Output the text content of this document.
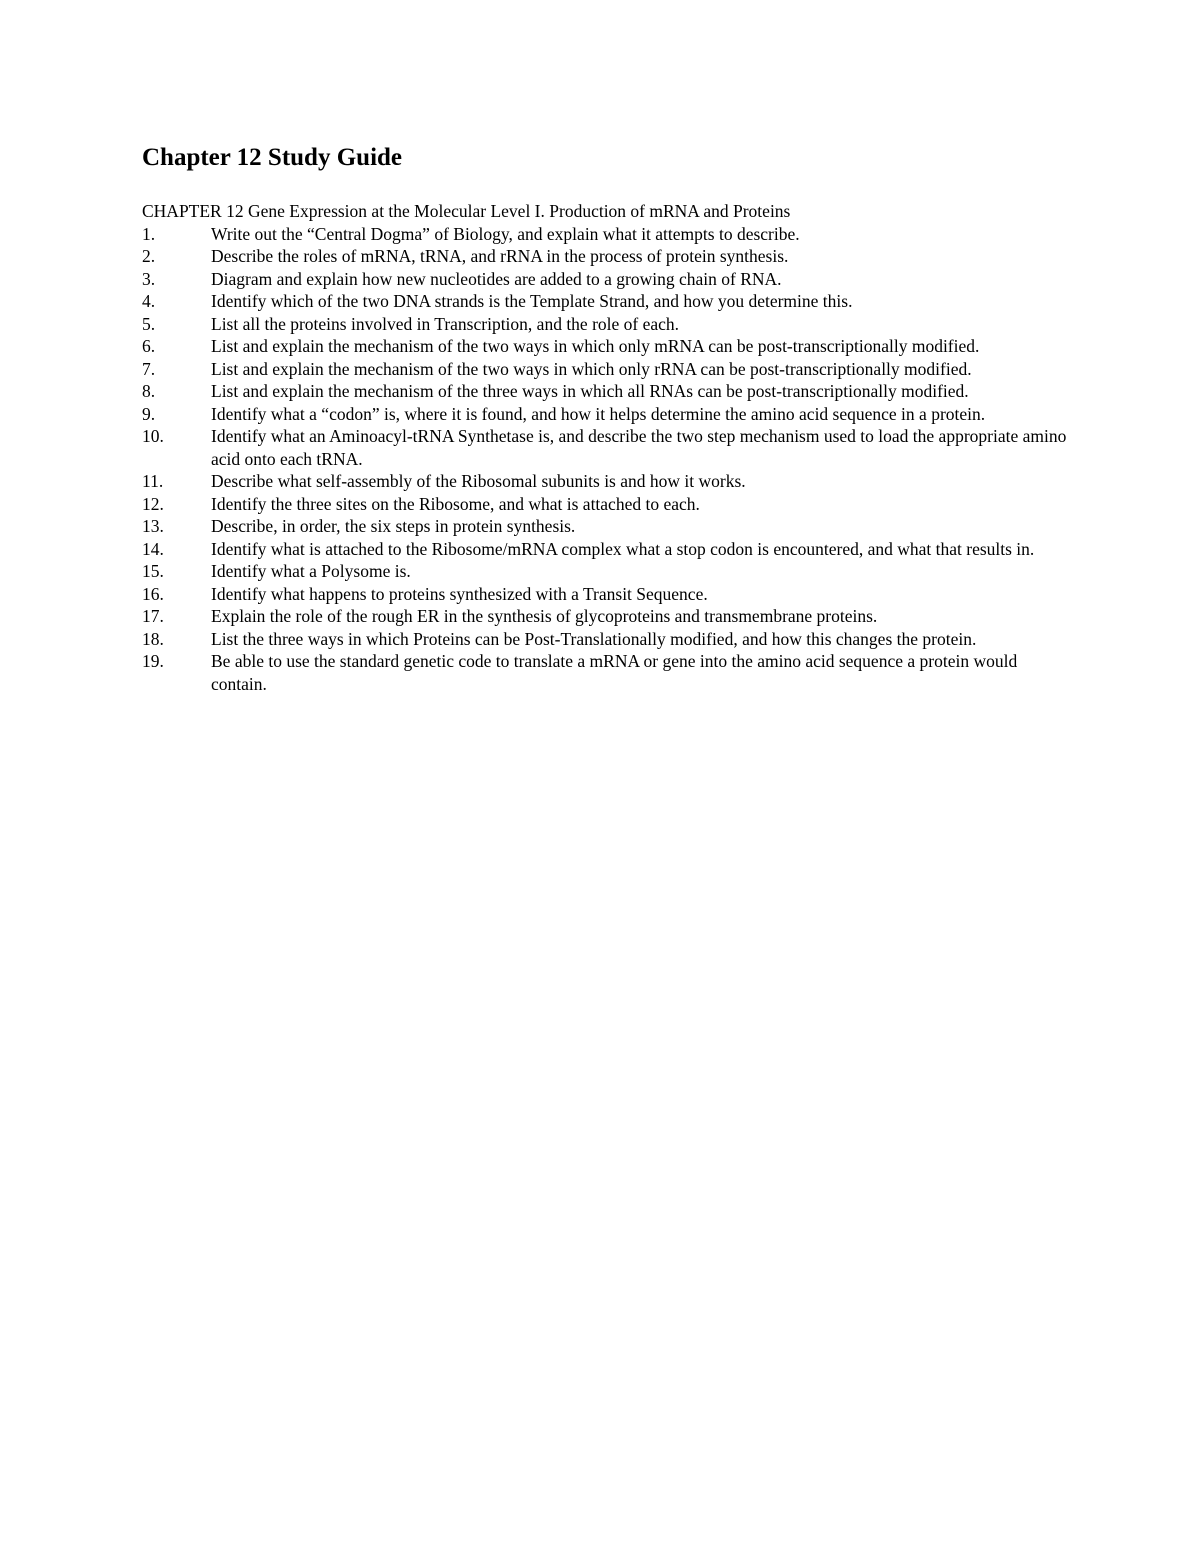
Chapter 12 Study Guide

CHAPTER 12 Gene Expression at the Molecular Level I. Production of mRNA and Proteins

1.	Write out the “Central Dogma” of Biology, and explain what it attempts to describe.
2.	Describe the roles of mRNA, tRNA, and rRNA in the process of protein synthesis.
3.	Diagram and explain how new nucleotides are added to a growing chain of RNA.
4.	Identify which of the two DNA strands is the Template Strand, and how you determine this.
5.	List all the proteins involved in Transcription, and the role of each.
6.	List and explain the mechanism of the two ways in which only mRNA can be post-transcriptionally modified.
7.	List and explain the mechanism of the two ways in which only rRNA can be post-transcriptionally modified.
8.	List and explain the mechanism of the three ways in which all RNAs can be post-transcriptionally modified.
9.	Identify what a “codon” is, where it is found, and how it helps determine the amino acid sequence in a protein.
10.	Identify what an Aminoacyl-tRNA Synthetase is, and describe the two step mechanism used to load the appropriate amino acid onto each tRNA.
11.	Describe what self-assembly of the Ribosomal subunits is and how it works.
12.	Identify the three sites on the Ribosome, and what is attached to each.
13.	Describe, in order, the six steps in protein synthesis.
14.	Identify what is attached to the Ribosome/mRNA complex what a stop codon is encountered, and what that results in.
15.	Identify what a Polysome is.
16.	Identify what happens to proteins synthesized with a Transit Sequence.
17.	Explain the role of the rough ER in the synthesis of glycoproteins and transmembrane proteins.
18.	List the three ways in which Proteins can be Post-Translationally modified, and how this changes the protein.
19.	Be able to use the standard genetic code to translate a mRNA or gene into the amino acid sequence a protein would contain.
